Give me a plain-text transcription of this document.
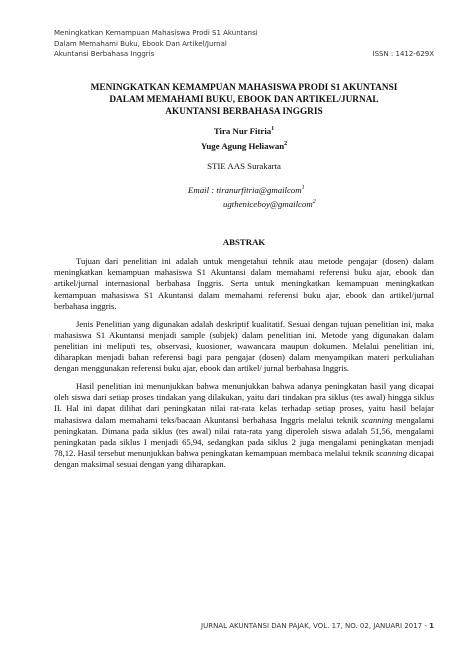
Meningkatkan Kemampuan Mahasiswa Prodi S1 Akuntansi
Dalam Memahami Buku, Ebook Dan Artikel/Jurnal
Akuntansi Berbahasa Inggris	ISSN : 1412-629X
MENINGKATKAN KEMAMPUAN MAHASISWA PRODI S1 AKUNTANSI
DALAM MEMAHAMI BUKU, EBOOK DAN ARTIKEL/JURNAL
AKUNTANSI BERBAHASA INGGRIS
Tira Nur Fitria$^1$
Yuge Agung Heliawan$^2$
STIE AAS Surakarta
Email : tiranurfitria@gmailcom$^1$
ugtheniceboy@gmailcom$^2$
ABSTRAK

Tujuan dari penelitian ini adalah untuk mengetahui tehnik atau metode pengajar (dosen) dalam meningkatkan kemampuan mahasiswa S1 Akuntansi dalam memahami referensi buku ajar, ebook dan artikel/jurnal internasional berbahasa Inggris. Serta untuk meningkatkan kemampuan meningkatkan kemampuan mahasiswa S1 Akuntansi dalam memahami referensi buku ajar, ebook dan artikel/jurnal berbahasa inggris.

Jenis Penelitian yang digunakan adalah deskriptif kualitatif. Sesuai dengan tujuan penelitian ini, maka mahasiswa S1 Akuntansi menjadi sample (subjek) dalam penelitian ini. Metode yang digunakan dalam penelitian ini meliputi tes, observasi, kuosioner, wawancara maupun dokumen. Melalui penelitian ini, diharapkan menjadi bahan referensi bagi para pengajar (dosen) dalam menyampikan materi perkuliahan dengan menggunakan referensi buku ajar, ebook dan artikel/ jurnal berbahasa Inggris.

Hasil penelitian ini menunjukkan bahwa menunjukkan bahwa adanya peningkatan hasil yang dicapai oleh siswa dari setiap proses tindakan yang dilakukan, yaitu dari tindakan pra siklus (tes awal) hingga siklus II. Hal ini dapat dilihat dari peningkatan nilai rat-rata kelas terhadap setiap proses, yaitu hasil belajar mahasiswa dalam memahami teks/bacaan Akuntansi berbahasa Inggris melalui teknik scanning mengalami peningkatan. Dimana pada siklus (tes awal) nilai rata-rata yang diperoleh siswa adalah 51,56, mengalami peningkatan pada siklus I menjadi 65,94, sedangkan pada siklus 2 juga mengalami peningkatan menjadi 78,12. Hasil tersebut menunjukkan bahwa peningkatan kemampuan membaca melalui teknik scanning dicapai dengan maksimal sesuai dengan yang diharapkan.

JURNAL AKUNTANSI DAN PAJAK, VOL. 17, NO. 02, JANUARI 2017 - 1
